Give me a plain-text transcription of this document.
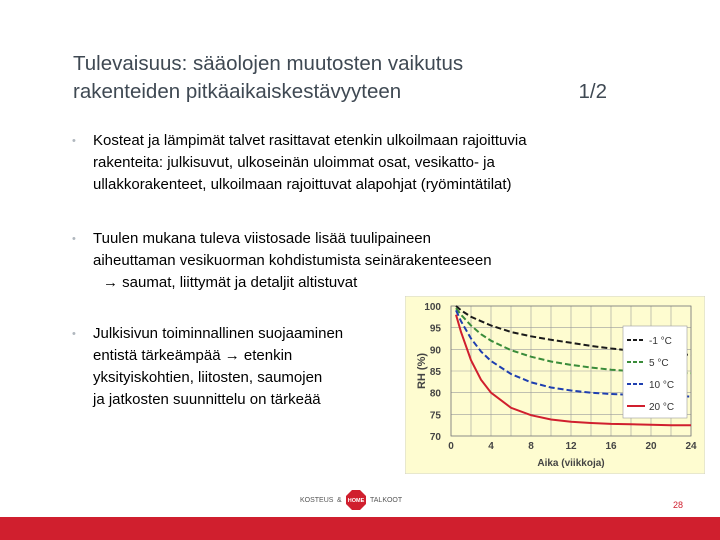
Tulevaisuus: sääolojen muutosten vaikutus
rakenteiden pitkäaikaiskestävyyteen	1/2
• Kosteat ja lämpimät talvet rasittavat etenkin ulkoilmaan rajoittuvia
rakenteita: julkisuvut, ulkoseinän uloimmat osat, vesikatto- ja
ullakkorakenteet, ulkoilmaan rajoittuvat alapohjat (ryömintätilat)
• Tuulen mukana tuleva viistosade lisää tuulipaineen
aiheuttaman vesikuorman kohdistumista seinärakenteeseen
→ saumat, liittymät ja detaljit altistuvat
• Julkisivun toiminnallinen suojaaminen
entistä tärkeämpää → etenkin
yksityiskohtien, liitosten, saumojen
ja jatkosten suunnittelu on tärkeää
70
75
80
85
90
95
100
0	4	8	12	16	20	24
Aika (viikkoja)
RH (%)
-1 °C
5 °C
10 °C
20 °C
KOSTEUS & HOME TALKOOT	28
